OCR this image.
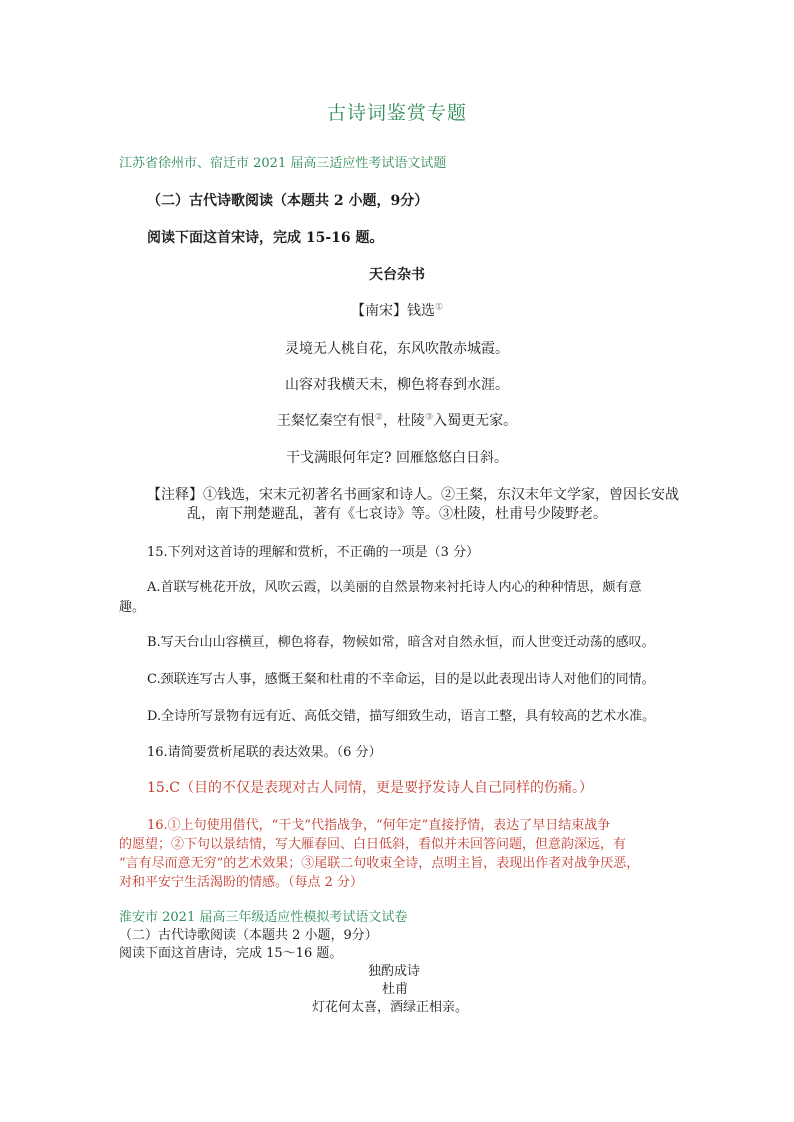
古诗词鉴赏专题
江苏省徐州市、宿迁市 2021 届高三适应性考试语文试题
（二）古代诗歌阅读（本题共 2 小题，9分）
阅读下面这首宋诗，完成 15-16 题。
天台杂书
【南宋】钱选①
灵境无人桃自花，东风吹散赤城霞。
山容对我横天末，柳色将春到水涯。
王粲忆秦空有恨②，杜陵③入蜀更无家。
干戈满眼何年定? 回雁悠悠白日斜。
【注释】①钱选，宋末元初著名书画家和诗人。②王粲，东汉末年文学家，曾因长安战
乱，南下荆楚避乱，著有《七哀诗》等。③杜陵，杜甫号少陵野老。
15.下列对这首诗的理解和赏析，不正确的一项是（3 分）
A.首联写桃花开放，风吹云霞，以美丽的自然景物来衬托诗人内心的种种情思，颇有意
趣。
B.写天台山山容横亘，柳色将春，物候如常，暗含对自然永恒，而人世变迁动荡的感叹。
C.颈联连写古人事，感慨王粲和杜甫的不幸命运，目的是以此表现出诗人对他们的同情。
D.全诗所写景物有远有近、高低交错，描写细致生动，语言工整，具有较高的艺术水准。
16.请简要赏析尾联的表达效果。（6 分）
15.C（目的不仅是表现对古人同情，更是要抒发诗人自己同样的伤痛。）
16.①上句使用借代，“干戈”代指战争，“何年定”直接抒情，表达了早日结束战争
的愿望；②下句以景结情，写大雁春回、白日低斜，看似并未回答问题，但意韵深远，有
“言有尽而意无穷”的艺术效果；③尾联二句收束全诗，点明主旨，表现出作者对战争厌恶，
对和平安宁生活渴盼的情感。（每点 2 分）
淮安市 2021 届高三年级适应性模拟考试语文试卷
（二）古代诗歌阅读（本题共 2 小题，9分）
阅读下面这首唐诗，完成 15～16 题。
独酌成诗
杜甫
灯花何太喜，酒绿正相亲。
